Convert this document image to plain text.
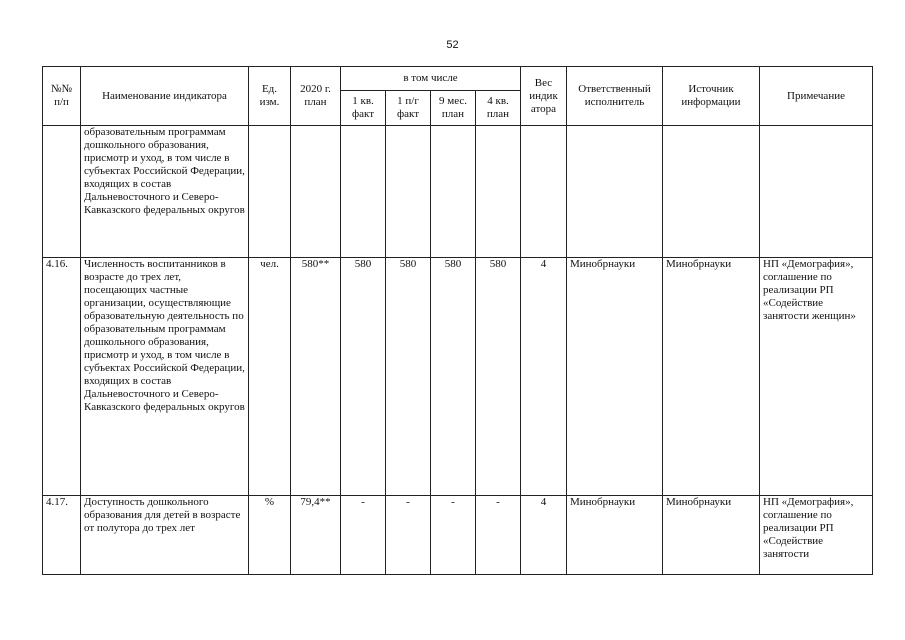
52
№№ п/п	Наименование индикатора	Ед. изм.	2020 г. план	в том числе				Вес индик атора	Ответственный исполнитель	Источник информации	Примечание
				1 кв. факт	1 п/г факт	9 мес. план	4 кв. план				
	образовательным программам дошкольного образования, присмотр и уход, в том числе в субъектах Российской Федерации, входящих в состав Дальневосточного и Северо-Кавказского федеральных округов										
4.16.	Численность воспитанников в возрасте до трех лет, посещающих частные организации, осуществляющие образовательную деятельность по образовательным программам дошкольного образования, присмотр и уход, в том числе в субъектах Российской Федерации, входящих в состав Дальневосточного и Северо-Кавказского федеральных округов	чел.	580**	580	580	580	580	4	Минобрнауки	Минобрнауки	НП «Демография», соглашение по реализации РП «Содействие занятости женщин»
4.17.	Доступность дошкольного образования для детей в возрасте от полутора до трех лет	%	79,4**	-	-	-	-	4	Минобрнауки	Минобрнауки	НП «Демография», соглашение по реализации РП «Содействие занятости
